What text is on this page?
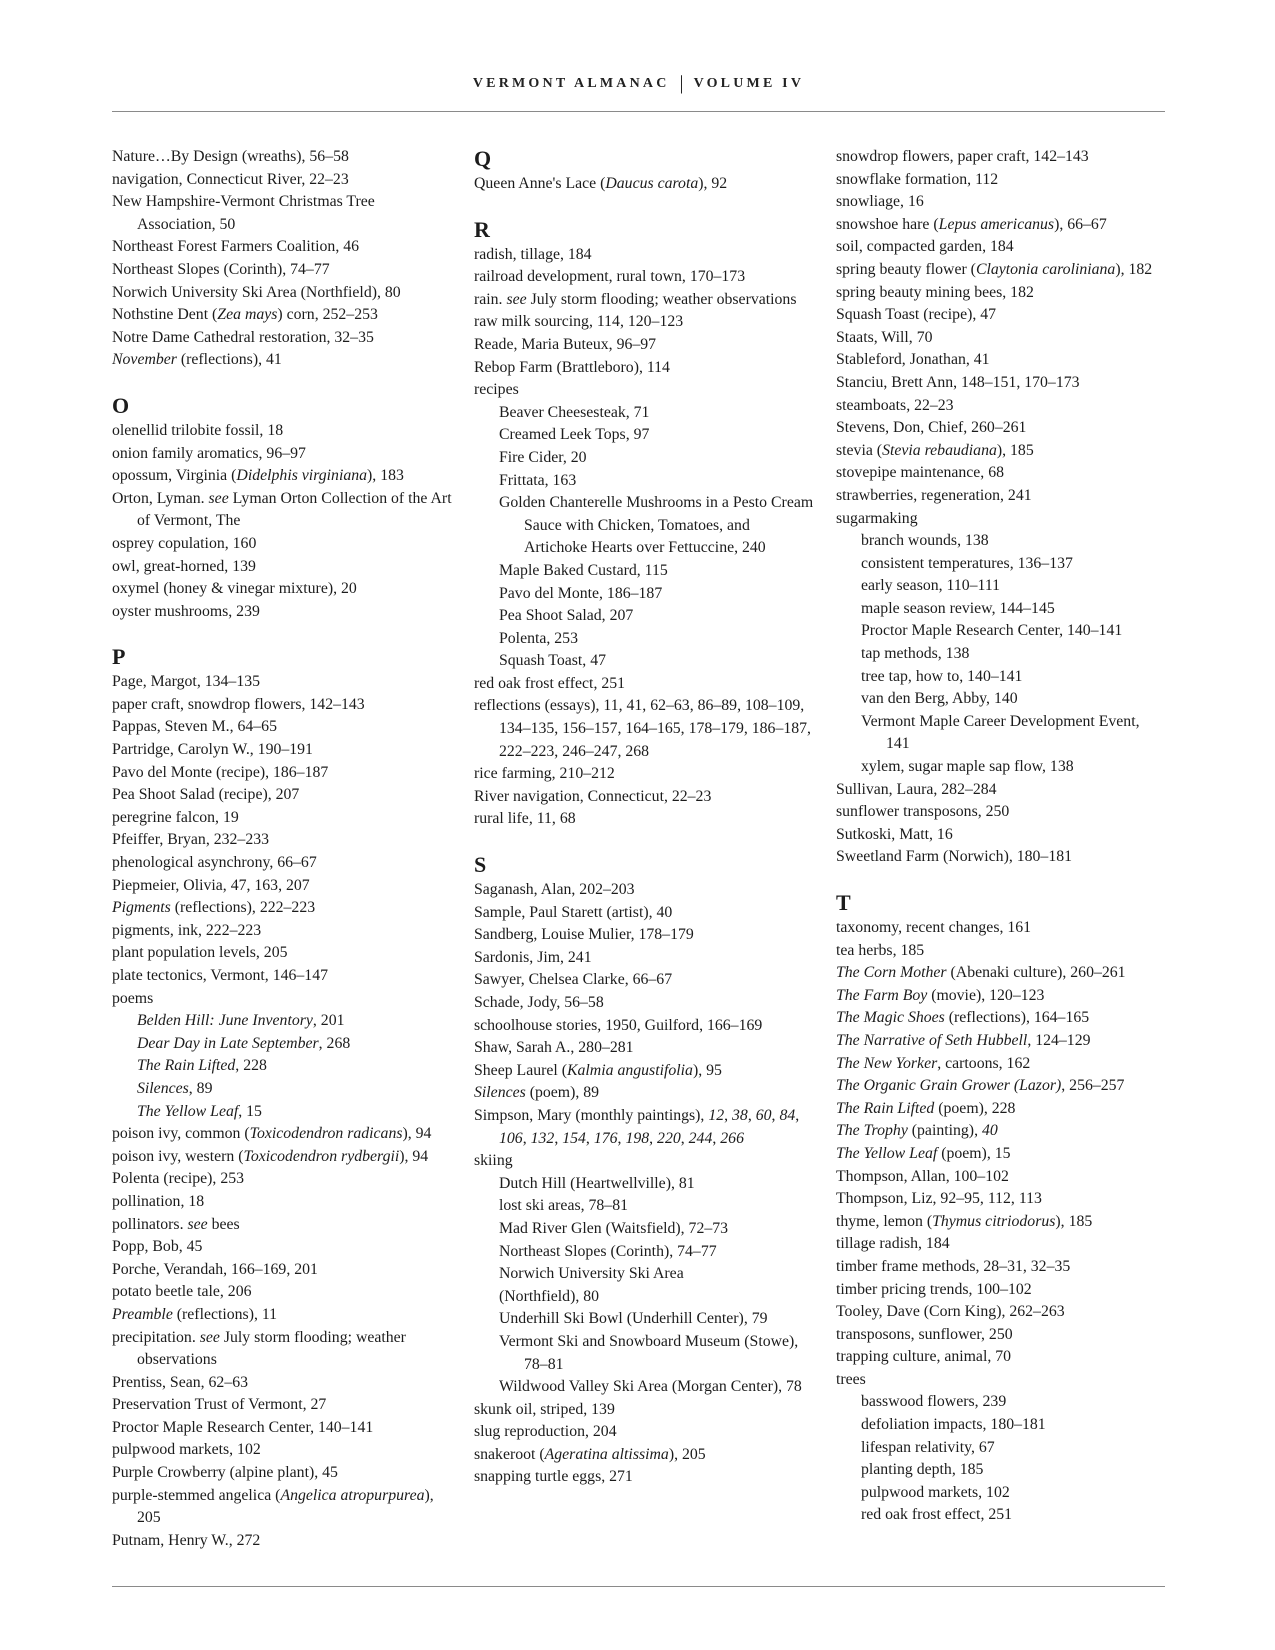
VERMONT ALMANAC | VOLUME IV
Nature…By Design (wreaths), 56–58
navigation, Connecticut River, 22–23
New Hampshire-Vermont Christmas Tree Association, 50
Northeast Forest Farmers Coalition, 46
Northeast Slopes (Corinth), 74–77
Norwich University Ski Area (Northfield), 80
Nothstine Dent (Zea mays) corn, 252–253
Notre Dame Cathedral restoration, 32–35
November (reflections), 41
O
olenellid trilobite fossil, 18
onion family aromatics, 96–97
opossum, Virginia (Didelphis virginiana), 183
Orton, Lyman. see Lyman Orton Collection of the Art of Vermont, The
osprey copulation, 160
owl, great-horned, 139
oxymel (honey & vinegar mixture), 20
oyster mushrooms, 239
P
Page, Margot, 134–135
paper craft, snowdrop flowers, 142–143
Pappas, Steven M., 64–65
Partridge, Carolyn W., 190–191
Pavo del Monte (recipe), 186–187
Pea Shoot Salad (recipe), 207
peregrine falcon, 19
Pfeiffer, Bryan, 232–233
phenological asynchrony, 66–67
Piepmeier, Olivia, 47, 163, 207
Pigments (reflections), 222–223
pigments, ink, 222–223
plant population levels, 205
plate tectonics, Vermont, 146–147
poems
Belden Hill: June Inventory, 201
Dear Day in Late September, 268
The Rain Lifted, 228
Silences, 89
The Yellow Leaf, 15
poison ivy, common (Toxicodendron radicans), 94
poison ivy, western (Toxicodendron rydbergii), 94
Polenta (recipe), 253
pollination, 18
pollinators. see bees
Popp, Bob, 45
Porche, Verandah, 166–169, 201
potato beetle tale, 206
Preamble (reflections), 11
precipitation. see July storm flooding; weather observations
Prentiss, Sean, 62–63
Preservation Trust of Vermont, 27
Proctor Maple Research Center, 140–141
pulpwood markets, 102
Purple Crowberry (alpine plant), 45
purple-stemmed angelica (Angelica atropurpurea), 205
Putnam, Henry W., 272
Q
Queen Anne's Lace (Daucus carota), 92
R
radish, tillage, 184
railroad development, rural town, 170–173
rain. see July storm flooding; weather observations
raw milk sourcing, 114, 120–123
Reade, Maria Buteux, 96–97
Rebop Farm (Brattleboro), 114
recipes
Beaver Cheesesteak, 71
Creamed Leek Tops, 97
Fire Cider, 20
Frittata, 163
Golden Chanterelle Mushrooms in a Pesto Cream Sauce with Chicken, Tomatoes, and Artichoke Hearts over Fettuccine, 240
Maple Baked Custard, 115
Pavo del Monte, 186–187
Pea Shoot Salad, 207
Polenta, 253
Squash Toast, 47
red oak frost effect, 251
reflections (essays), 11, 41, 62–63, 86–89, 108–109, 134–135, 156–157, 164–165, 178–179, 186–187, 222–223, 246–247, 268
rice farming, 210–212
River navigation, Connecticut, 22–23
rural life, 11, 68
S
Saganash, Alan, 202–203
Sample, Paul Starett (artist), 40
Sandberg, Louise Mulier, 178–179
Sardonis, Jim, 241
Sawyer, Chelsea Clarke, 66–67
Schade, Jody, 56–58
schoolhouse stories, 1950, Guilford, 166–169
Shaw, Sarah A., 280–281
Sheep Laurel (Kalmia angustifolia), 95
Silences (poem), 89
Simpson, Mary (monthly paintings), 12, 38, 60, 84, 106, 132, 154, 176, 198, 220, 244, 266
skiing
Dutch Hill (Heartwellville), 81
lost ski areas, 78–81
Mad River Glen (Waitsfield), 72–73
Northeast Slopes (Corinth), 74–77
Norwich University Ski Area
(Northfield), 80
Underhill Ski Bowl (Underhill Center), 79
Vermont Ski and Snowboard Museum (Stowe), 78–81
Wildwood Valley Ski Area (Morgan Center), 78
skunk oil, striped, 139
slug reproduction, 204
snakeroot (Ageratina altissima), 205
snapping turtle eggs, 271
snowdrop flowers, paper craft, 142–143
snowflake formation, 112
snowliage, 16
snowshoe hare (Lepus americanus), 66–67
soil, compacted garden, 184
spring beauty flower (Claytonia caroliniana), 182
spring beauty mining bees, 182
Squash Toast (recipe), 47
Staats, Will, 70
Stableford, Jonathan, 41
Stanciu, Brett Ann, 148–151, 170–173
steamboats, 22–23
Stevens, Don, Chief, 260–261
stevia (Stevia rebaudiana), 185
stovepipe maintenance, 68
strawberries, regeneration, 241
sugarmaking
branch wounds, 138
consistent temperatures, 136–137
early season, 110–111
maple season review, 144–145
Proctor Maple Research Center, 140–141
tap methods, 138
tree tap, how to, 140–141
van den Berg, Abby, 140
Vermont Maple Career Development Event, 141
xylem, sugar maple sap flow, 138
Sullivan, Laura, 282–284
sunflower transposons, 250
Sutkoski, Matt, 16
Sweetland Farm (Norwich), 180–181
T
taxonomy, recent changes, 161
tea herbs, 185
The Corn Mother (Abenaki culture), 260–261
The Farm Boy (movie), 120–123
The Magic Shoes (reflections), 164–165
The Narrative of Seth Hubbell, 124–129
The New Yorker, cartoons, 162
The Organic Grain Grower (Lazor), 256–257
The Rain Lifted (poem), 228
The Trophy (painting), 40
The Yellow Leaf (poem), 15
Thompson, Allan, 100–102
Thompson, Liz, 92–95, 112, 113
thyme, lemon (Thymus citriodorus), 185
tillage radish, 184
timber frame methods, 28–31, 32–35
timber pricing trends, 100–102
Tooley, Dave (Corn King), 262–263
transposons, sunflower, 250
trapping culture, animal, 70
trees
basswood flowers, 239
defoliation impacts, 180–181
lifespan relativity, 67
planting depth, 185
pulpwood markets, 102
red oak frost effect, 251
